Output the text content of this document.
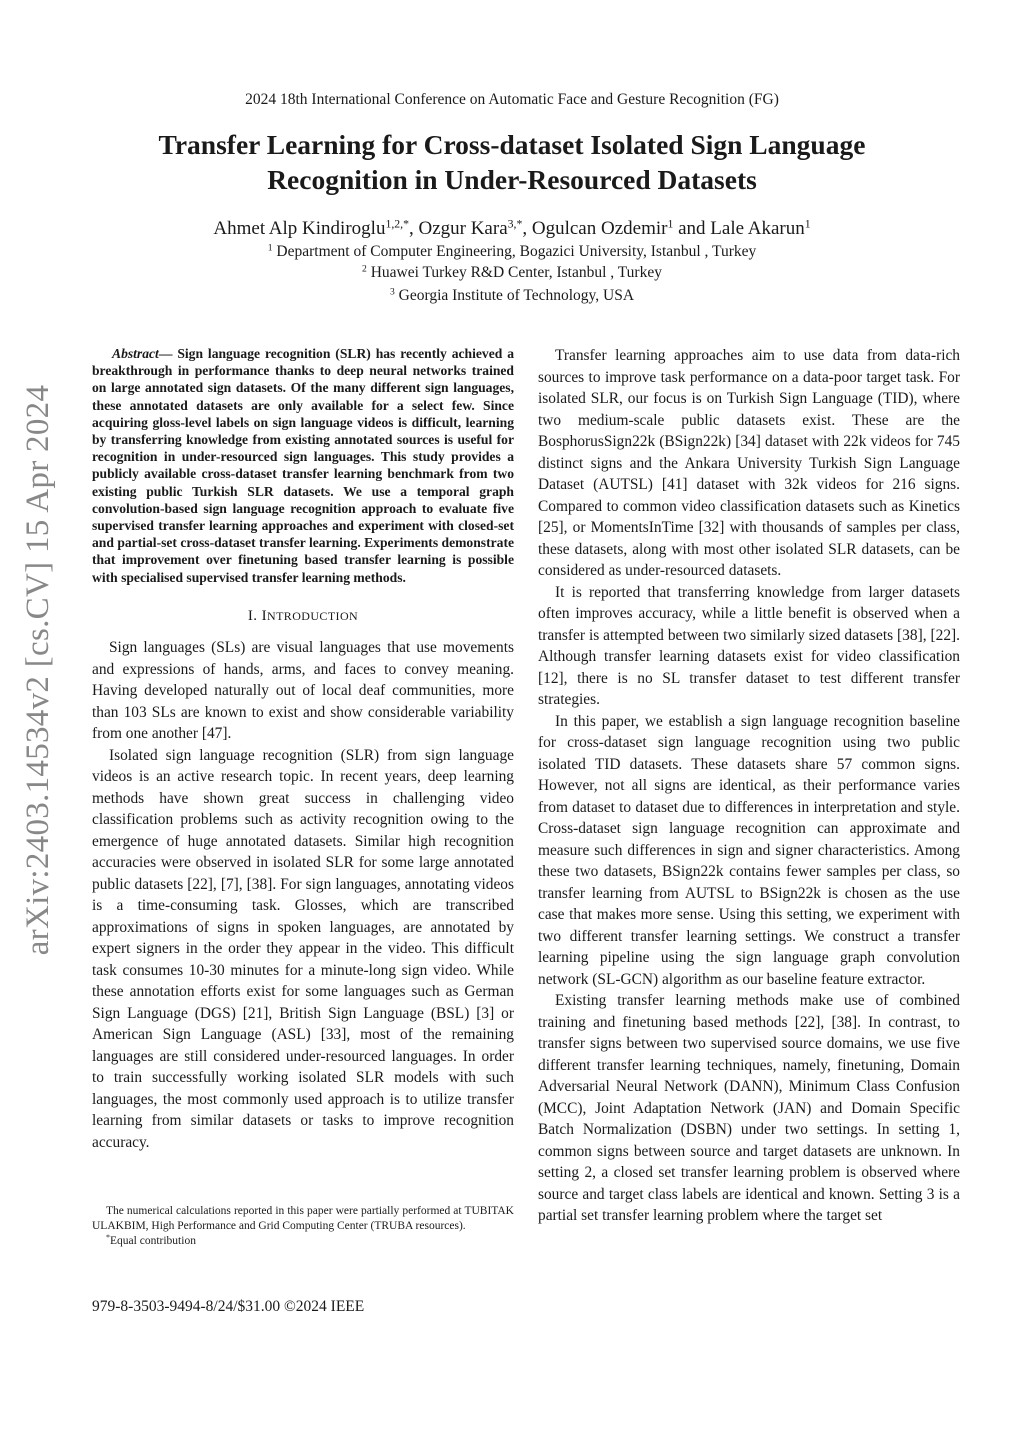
2024 18th International Conference on Automatic Face and Gesture Recognition (FG)
Transfer Learning for Cross-dataset Isolated Sign Language
Recognition in Under-Resourced Datasets
Ahmet Alp Kindiroglu$^{1,2,*}$, Ozgur Kara$^{3,*}$, Ogulcan Ozdemir$^1$ and Lale Akarun$^1$
$^1$ Department of Computer Engineering, Bogazici University, Istanbul , Turkey
$^2$ Huawei Turkey R&D Center, Istanbul , Turkey
$^3$ Georgia Institute of Technology, USA
arXiv:2403.14534v2 [cs.CV] 15 Apr 2024

Abstract— Sign language recognition (SLR) has recently achieved a breakthrough in performance thanks to deep neural networks trained on large annotated sign datasets. Of the many different sign languages, these annotated datasets are only available for a select few. Since acquiring gloss-level labels on sign language videos is difficult, learning by transferring knowledge from existing annotated sources is useful for recognition in under-resourced sign languages. This study provides a publicly available cross-dataset transfer learning benchmark from two existing public Turkish SLR datasets. We use a temporal graph convolution-based sign language recognition approach to evaluate five supervised transfer learning approaches and experiment with closed-set and partial-set cross-dataset transfer learning. Experiments demonstrate that improvement over finetuning based transfer learning is possible with specialised supervised transfer learning methods.

I. INTRODUCTION

Sign languages (SLs) are visual languages that use movements and expressions of hands, arms, and faces to convey meaning. Having developed naturally out of local deaf communities, more than 103 SLs are known to exist and show considerable variability from one another [47].

Isolated sign language recognition (SLR) from sign language videos is an active research topic. In recent years, deep learning methods have shown great success in challenging video classification problems such as activity recognition owing to the emergence of huge annotated datasets. Similar high recognition accuracies were observed in isolated SLR for some large annotated public datasets [22], [7], [38]. For sign languages, annotating videos is a time-consuming task. Glosses, which are transcribed approximations of signs in spoken languages, are annotated by expert signers in the order they appear in the video. This difficult task consumes 10-30 minutes for a minute-long sign video. While these annotation efforts exist for some languages such as German Sign Language (DGS) [21], British Sign Language (BSL) [3] or American Sign Language (ASL) [33], most of the remaining languages are still considered under-resourced languages. In order to train successfully working isolated SLR models with such languages, the most commonly used approach is to utilize transfer learning from similar datasets or tasks to improve recognition accuracy.

The numerical calculations reported in this paper were partially performed at TUBITAK ULAKBIM, High Performance and Grid Computing Center (TRUBA resources).

*Equal contribution

979-8-3503-9494-8/24/$31.00 ©2024 IEEE

Transfer learning approaches aim to use data from data-rich sources to improve task performance on a data-poor target task. For isolated SLR, our focus is on Turkish Sign Language (TID), where two medium-scale public datasets exist. These are the BosphorusSign22k (BSign22k) [34] dataset with 22k videos for 745 distinct signs and the Ankara University Turkish Sign Language Dataset (AUTSL) [41] dataset with 32k videos for 216 signs. Compared to common video classification datasets such as Kinetics [25], or MomentsInTime [32] with thousands of samples per class, these datasets, along with most other isolated SLR datasets, can be considered as under-resourced datasets.

It is reported that transferring knowledge from larger datasets often improves accuracy, while a little benefit is observed when a transfer is attempted between two similarly sized datasets [38], [22]. Although transfer learning datasets exist for video classification [12], there is no SL transfer dataset to test different transfer strategies.

In this paper, we establish a sign language recognition baseline for cross-dataset sign language recognition using two public isolated TID datasets. These datasets share 57 common signs. However, not all signs are identical, as their performance varies from dataset to dataset due to differences in interpretation and style. Cross-dataset sign language recognition can approximate and measure such differences in sign and signer characteristics. Among these two datasets, BSign22k contains fewer samples per class, so transfer learning from AUTSL to BSign22k is chosen as the use case that makes more sense. Using this setting, we experiment with two different transfer learning settings. We construct a transfer learning pipeline using the sign language graph convolution network (SL-GCN) algorithm as our baseline feature extractor.

Existing transfer learning methods make use of combined training and finetuning based methods [22], [38]. In contrast, to transfer signs between two supervised source domains, we use five different transfer learning techniques, namely, finetuning, Domain Adversarial Neural Network (DANN), Minimum Class Confusion (MCC), Joint Adaptation Network (JAN) and Domain Specific Batch Normalization (DSBN) under two settings. In setting 1, common signs between source and target datasets are unknown. In setting 2, a closed set transfer learning problem is observed where source and target class labels are identical and known. Setting 3 is a partial set transfer learning problem where the target set
